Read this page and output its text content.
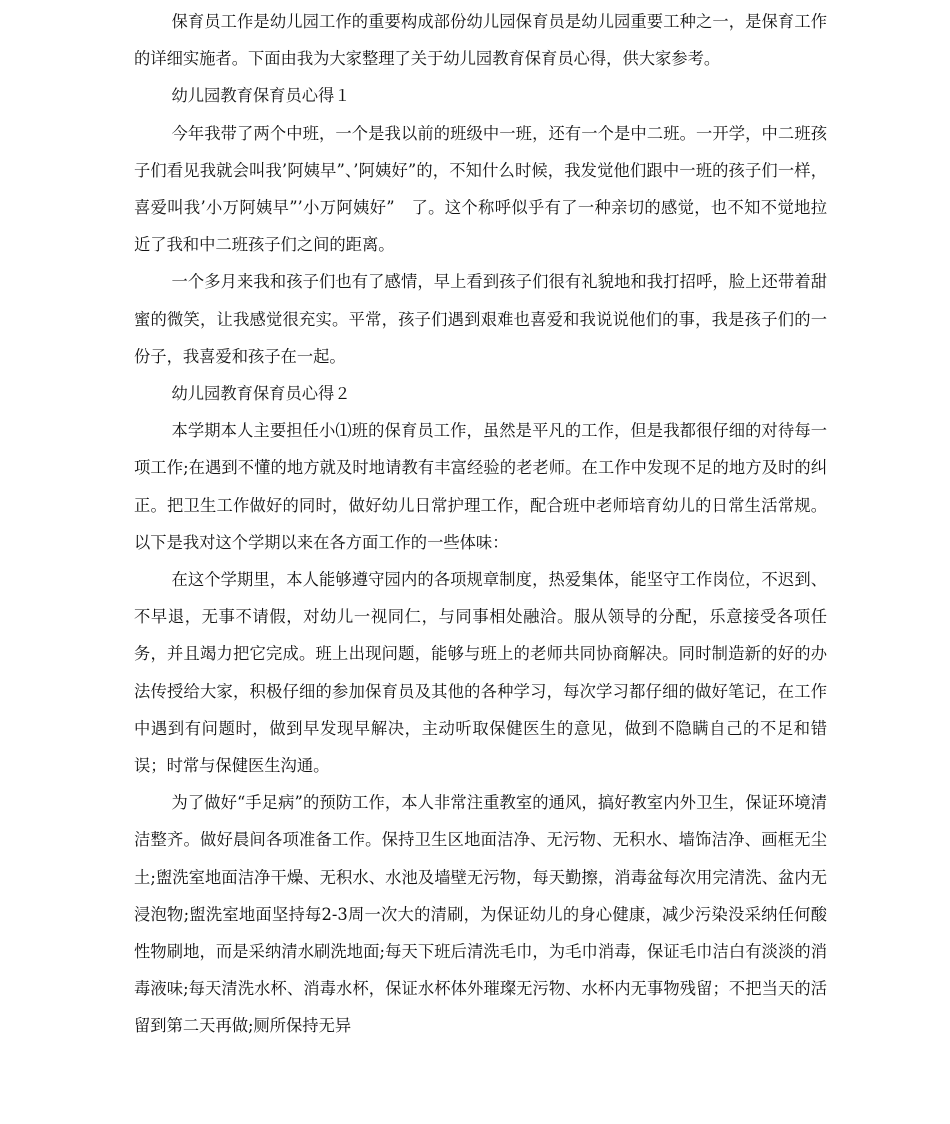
保育员工作是幼儿园工作的重要构成部份幼儿园保育员是幼儿园重要工种之一，是保育工作的详细实施者。下面由我为大家整理了关于幼儿园教育保育员心得，供大家参考。

幼儿园教育保育员心得１

今年我带了两个中班，一个是我以前的班级中一班，还有一个是中二班。一开学，中二班孩子们看见我就会叫我’阿姨早”、’阿姨好”的，不知什么时候，我发觉他们跟中一班的孩子们一样，喜爱叫我’小万阿姨早”’小万阿姨好”　了。这个称呼似乎有了一种亲切的感觉，也不知不觉地拉近了我和中二班孩子们之间的距离。

一个多月来我和孩子们也有了感情，早上看到孩子们很有礼貌地和我打招呼，脸上还带着甜蜜的微笑，让我感觉很充实。平常，孩子们遇到艰难也喜爱和我说说他们的事，我是孩子们的一份子，我喜爱和孩子在一起。

幼儿园教育保育员心得２

本学期本人主要担任小⑴班的保育员工作，虽然是平凡的工作，但是我都很仔细的对待每一项工作;在遇到不懂的地方就及时地请教有丰富经验的老老师。在工作中发现不足的地方及时的纠正。把卫生工作做好的同时，做好幼儿日常护理工作，配合班中老师培育幼儿的日常生活常规。以下是我对这个学期以来在各方面工作的一些体味：

在这个学期里，本人能够遵守园内的各项规章制度，热爱集体，能坚守工作岗位，不迟到、不早退，无事不请假，对幼儿一视同仁，与同事相处融洽。服从领导的分配，乐意接受各项任务，并且竭力把它完成。班上出现问题，能够与班上的老师共同协商解决。同时制造新的好的办法传授给大家，积极仔细的参加保育员及其他的各种学习，每次学习都仔细的做好笔记，在工作中遇到有问题时，做到早发现早解决，主动听取保健医生的意见，做到不隐瞒自己的不足和错误；时常与保健医生沟通。

为了做好“手足病”的预防工作，本人非常注重教室的通风，搞好教室内外卫生，保证环境清洁整齐。做好晨间各项准备工作。保持卫生区地面洁净、无污物、无积水、墙饰洁净、画框无尘土;盥洗室地面洁净干燥、无积水、水池及墙壁无污物，每天勤擦，消毒盆每次用完清洗、盆内无浸泡物;盥洗室地面坚持每2-3周一次大的清刷，为保证幼儿的身心健康，减少污染没采纳任何酸性物刷地，而是采纳清水刷洗地面;每天下班后清洗毛巾，为毛巾消毒，保证毛巾洁白有淡淡的消毒液味;每天清洗水杯、消毒水杯，保证水杯体外璀璨无污物、水杯内无事物残留；不把当天的活留到第二天再做;厕所保持无异
